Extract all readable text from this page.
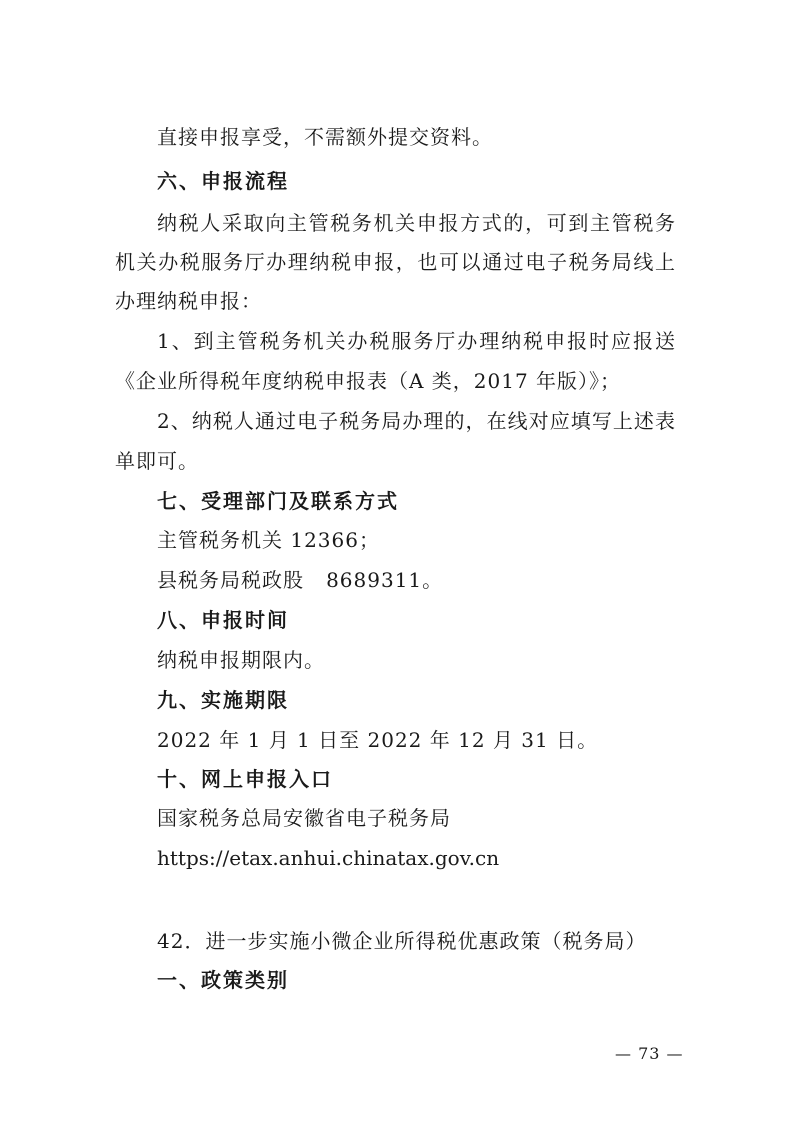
直接申报享受，不需额外提交资料。
六、申报流程
纳税人采取向主管税务机关申报方式的，可到主管税务
机关办税服务厅办理纳税申报，也可以通过电子税务局线上
办理纳税申报：
1、到主管税务机关办税服务厅办理纳税申报时应报送
《企业所得税年度纳税申报表（A 类，2017 年版）》；
2、纳税人通过电子税务局办理的，在线对应填写上述表
单即可。
七、受理部门及联系方式
主管税务机关 12366；
县税务局税政股   8689311。
八、申报时间
纳税申报期限内。
九、实施期限
2022 年 1 月 1 日至 2022 年 12 月 31 日。
十、网上申报入口
国家税务总局安徽省电子税务局
https://etax.anhui.chinatax.gov.cn
42．进一步实施小微企业所得税优惠政策（税务局）
一、政策类别
— 73 —
